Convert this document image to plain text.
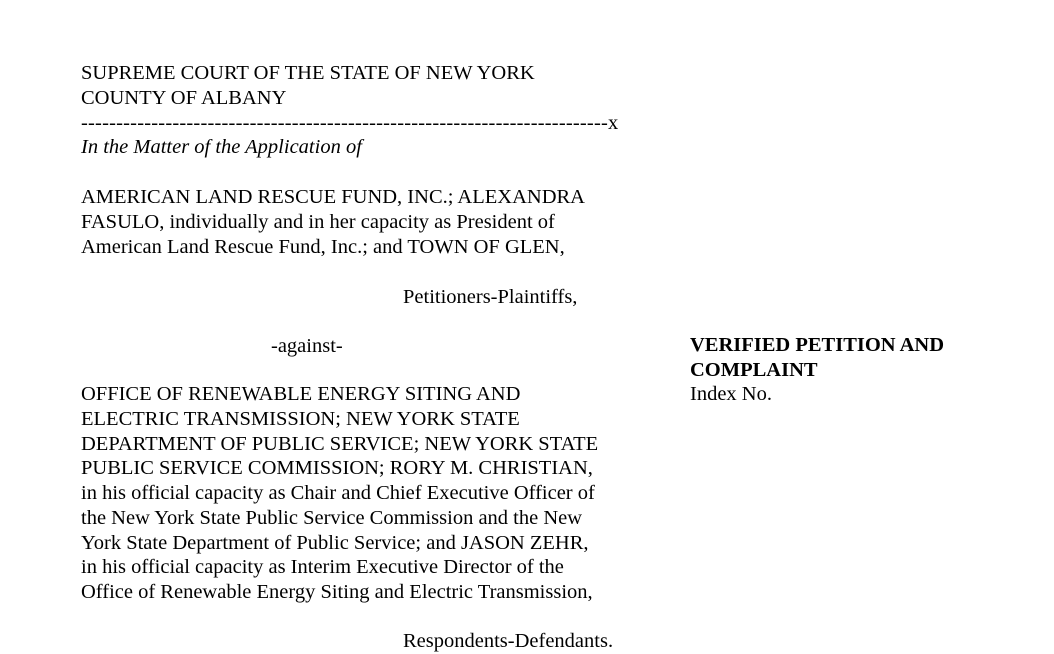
SUPREME COURT OF THE STATE OF NEW YORK
COUNTY OF ALBANY
---------------------------------------------------------------------------x
In the Matter of the Application of
AMERICAN LAND RESCUE FUND, INC.; ALEXANDRA
FASULO, individually and in her capacity as President of
American Land Rescue Fund, Inc.; and TOWN OF GLEN,
Petitioners-Plaintiffs,
-against-	VERIFIED PETITION AND
COMPLAINT
Index No.
OFFICE OF RENEWABLE ENERGY SITING AND
ELECTRIC TRANSMISSION; NEW YORK STATE
DEPARTMENT OF PUBLIC SERVICE; NEW YORK STATE
PUBLIC SERVICE COMMISSION; RORY M. CHRISTIAN,
in his official capacity as Chair and Chief Executive Officer of
the New York State Public Service Commission and the New
York State Department of Public Service; and JASON ZEHR,
in his official capacity as Interim Executive Director of the
Office of Renewable Energy Siting and Electric Transmission,
Respondents-Defendants.
